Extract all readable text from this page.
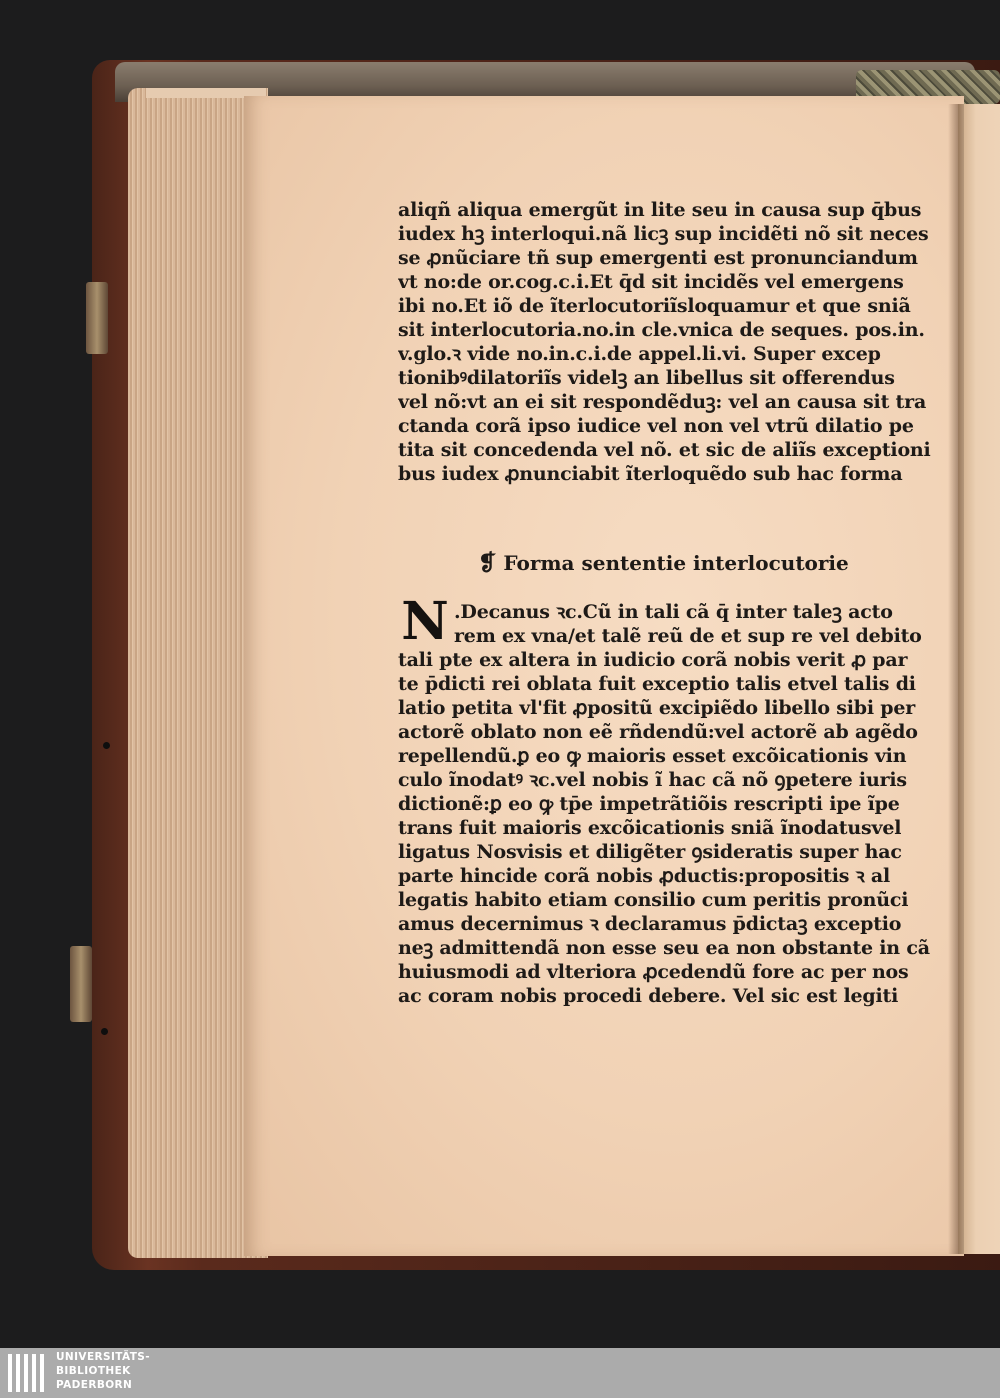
aliqñ aliqua emergũt in lite seu in causa sup q̄bus
iudex hꝫ interloqui.nã licꝫ sup incidẽti nõ sit neces
se ꝓnũciare tñ sup emergenti est pronunciandum
vt no:de or.cog.c.i.Et q̄d sit incidẽs vel emergens
ibi no.Et iõ de ĩterlocutoriĩsloquamur et que sniã
sit interlocutoria.no.in cle.vnica de seques. pos.in.
v.glo.ꝛ vide no.in.c.i.de appel.li.vi. Super excep
tionibꝰdilatoriĩs videlꝫ an libellus sit offerendus
vel nõ:vt an ei sit respondẽduꝫ: vel an causa sit tra
ctanda corã ipso iudice vel non vel vtrũ dilatio pe
tita sit concedenda vel nõ. et sic de aliĩs exceptioni
bus iudex ꝓnunciabit ĩterloquẽdo sub hac forma
❡ Forma sententie interlocutorie
N .Decanus ꝛc.Cũ in tali cã q̄ inter taleꝫ acto
rem ex vna/et talẽ reũ de et sup re vel debito
tali pte ex altera in iudicio corã nobis verit ꝓ par
te p̄dicti rei oblata fuit exceptio talis etvel talis di
latio petita vl'fit ꝓpositũ excipiẽdo libello sibi per
actorẽ oblato non eẽ rñdendũ:vel actorẽ ab agẽdo
repellendũ.ꝑ eo ꝙ maioris esset excõicationis vin
culo ĩnodatꝰ ꝛc.vel nobis ĩ hac cã nõ ꝯpetere iuris
dictionẽ:ꝑ eo ꝙ tp̄e impetrãtiõis rescripti ipe ĩpe
trans fuit maioris excõicationis sniã ĩnodatusvel
ligatus Nosvisis et diligẽter ꝯsideratis super hac
parte hincide corã nobis ꝓductis:propositis ꝛ al
legatis habito etiam consilio cum peritis pronũci
amus decernimus ꝛ declaramus p̄dictaꝫ exceptio
neꝫ admittendã non esse seu ea non obstante in cã
huiusmodi ad vlteriora ꝓcedendũ fore ac per nos
ac coram nobis procedi debere. Vel sic est legiti
UNIVERSITÄTS-
BIBLIOTHEK
PADERBORN
